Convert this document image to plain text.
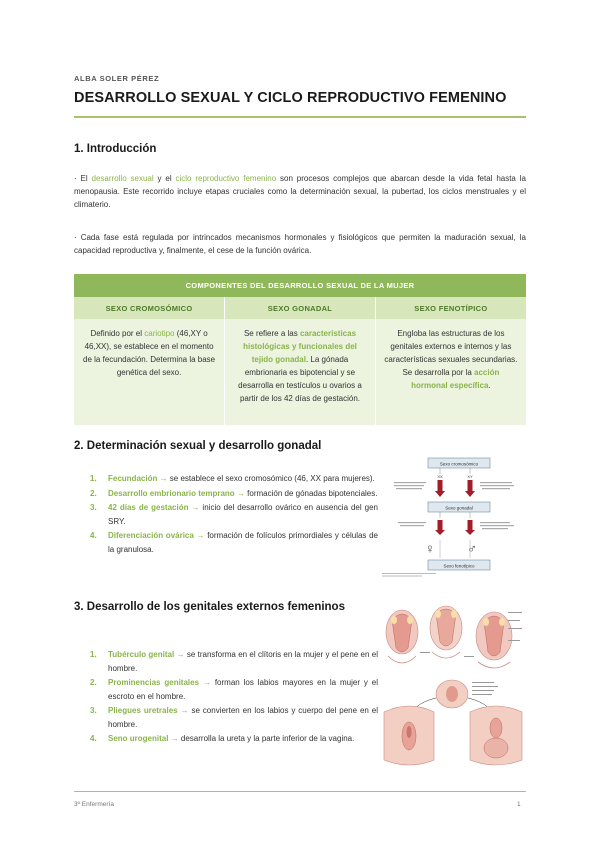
ALBA SOLER PÉREZ
DESARROLLO SEXUAL Y CICLO REPRODUCTIVO FEMENINO
1. Introducción
· El desarrollo sexual y el ciclo reproductivo femenino son procesos complejos que abarcan desde la vida fetal hasta la menopausia. Este recorrido incluye etapas cruciales como la determinación sexual, la pubertad, los ciclos menstruales y el climaterio.
· Cada fase está regulada por intrincados mecanismos hormonales y fisiológicos que permiten la maduración sexual, la capacidad reproductiva y, finalmente, el cese de la función ovárica.
COMPONENTES DEL DESARROLLO SEXUAL DE LA MUJER		
SEXO CROMOSÓMICO	SEXO GONADAL	SEXO FENOTÍPICO
Definido por el cariotipo (46,XY o 46,XX), se establece en el momento de la fecundación. Determina la base genética del sexo.	Se refiere a las características histológicas y funcionales del tejido gonadal. La gónada embrionaria es bipotencial y se desarrolla en testículos u ovarios a partir de los 42 días de gestación.	Engloba las estructuras de los genitales externos e internos y las características sexuales secundarias. Se desarrolla por la acción hormonal específica.
2. Determinación sexual y desarrollo gonadal
1. Fecundación → se establece el sexo cromosómico (46, XX para mujeres).
2. Desarrollo embrionario temprano → formación de gónadas bipotenciales.
3. 42 días de gestación → inicio del desarrollo ovárico en ausencia del gen SRY.
4. Diferenciación ovárica → formación de folículos primordiales y células de la granulosa.
Sexo cromosómico
XX	XY
Sexo gonadal
♀ ♂
Sexo fenotípico
3. Desarrollo de los genitales externos femeninos
1. Tubérculo genital → se transforma en el clítoris en la mujer y el pene en el hombre.
2. Prominencias genitales → forman los labios mayores en la mujer y el escroto en el hombre.
3. Pliegues uretrales → se convierten en los labios y cuerpo del pene en el hombre.
4. Seno urogenital → desarrolla la ureta y la parte inferior de la vagina.
3º Enfermería	1
